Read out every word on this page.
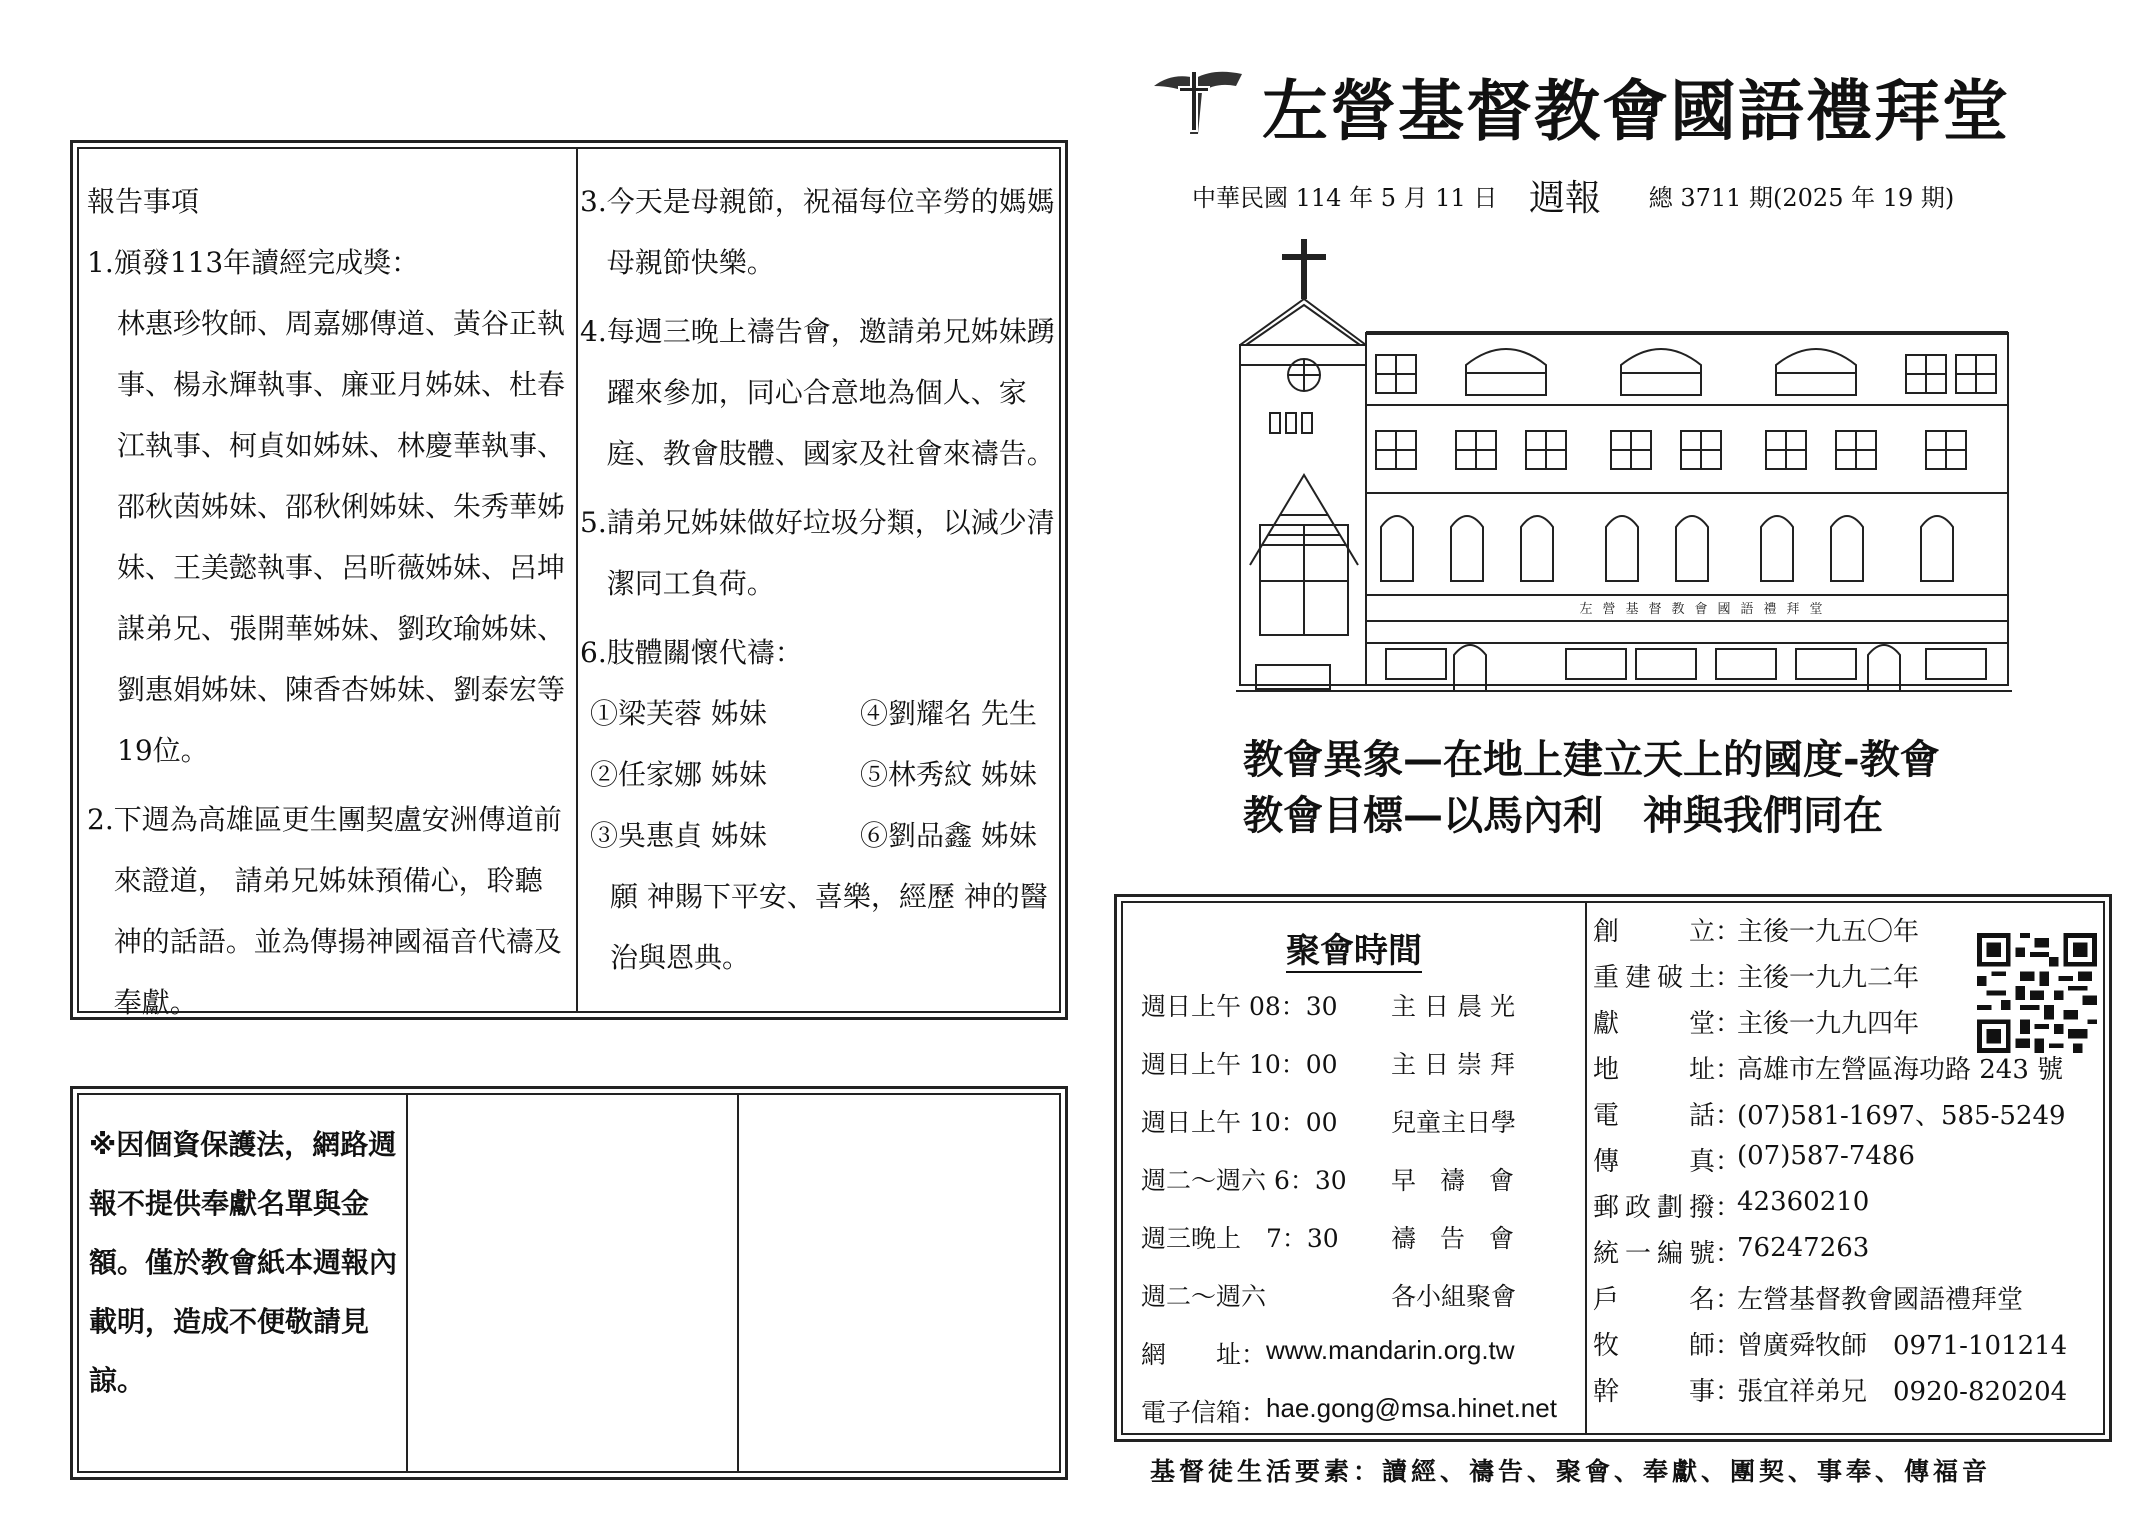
報告事項
1. 頒發113年讀經完成獎：
林惠珍牧師、周嘉娜傳道、黃谷正執事、楊永輝執事、廉亚月姊妹、杜春江執事、柯貞如姊妹、林慶華執事、 邵秋茵姊妹、邵秋俐姊妹、朱秀華姊妹、王美懿執事、呂昕薇姊妹、呂坤謀弟兄、張開華姊妹、劉玫瑜姊妹、劉惠娟姊妹、陳香杏姊妹、劉泰宏等19位。
2. 下週為高雄區更生團契盧安洲傳道前來證道， 請弟兄姊妹預備心，聆聽　神的話語。並為傳揚神國福音代禱及奉獻。
3. 今天是母親節，祝福每位辛勞的媽媽母親節快樂。
4. 每週三晚上禱告會，邀請弟兄姊妹踴躍來參加，同心合意地為個人、家庭、教會肢體、國家及社會來禱告。
5. 請弟兄姊妹做好垃圾分類，以減少清潔同工負荷。
6. 肢體關懷代禱：
①梁芙蓉 姊妹	④劉耀名 先生
②任家娜 姊妹	⑤林秀紋 姊妹
③吳惠貞 姊妹	⑥劉品鑫 姊妹
願 神賜下平安、喜樂，經歷 神的醫治與恩典。
※因個資保護法，網路週報不提供奉獻名單與金額。僅於教會紙本週報內載明，造成不便敬請見諒。
左營基督教會國語禮拜堂
中華民國 114 年 5 月 11 日 週報 總 3711 期(2025 年 19 期)
左營基督教會國語禮拜堂
教會異象—在地上建立天上的國度-教會
教會目標—以馬內利　神與我們同在
聚會時間
週日上午 08：30	主日晨光
週日上午 10：00	主日崇拜
週日上午 10：00	兒童主日學
週二～週六 6：30	早 禱 會
週三晚上　7：30	禱 告 會
週二～週六	各小組聚會
網　　址： www.mandarin.org.tw
電子信箱： hae.gong@msa.hinet.net
創立 ：
主後一九五〇年
重建破土 ：
主後一九九二年
獻堂 ：
主後一九九四年
地址 ：
高雄市左營區海功路 243 號
電話 ：
(07)581-1697、585-5249
傳真 ：
(07)587-7486
郵政劃撥 ：
42360210
統一編號 ：
76247263
戶名 ：
左營基督教會國語禮拜堂
牧師 ：
曾廣舜牧師　0971-101214
幹事 ：
張宜祥弟兄　0920-820204
基督徒生活要素：讀經、禱告、聚會、奉獻、團契、事奉、傳福音
